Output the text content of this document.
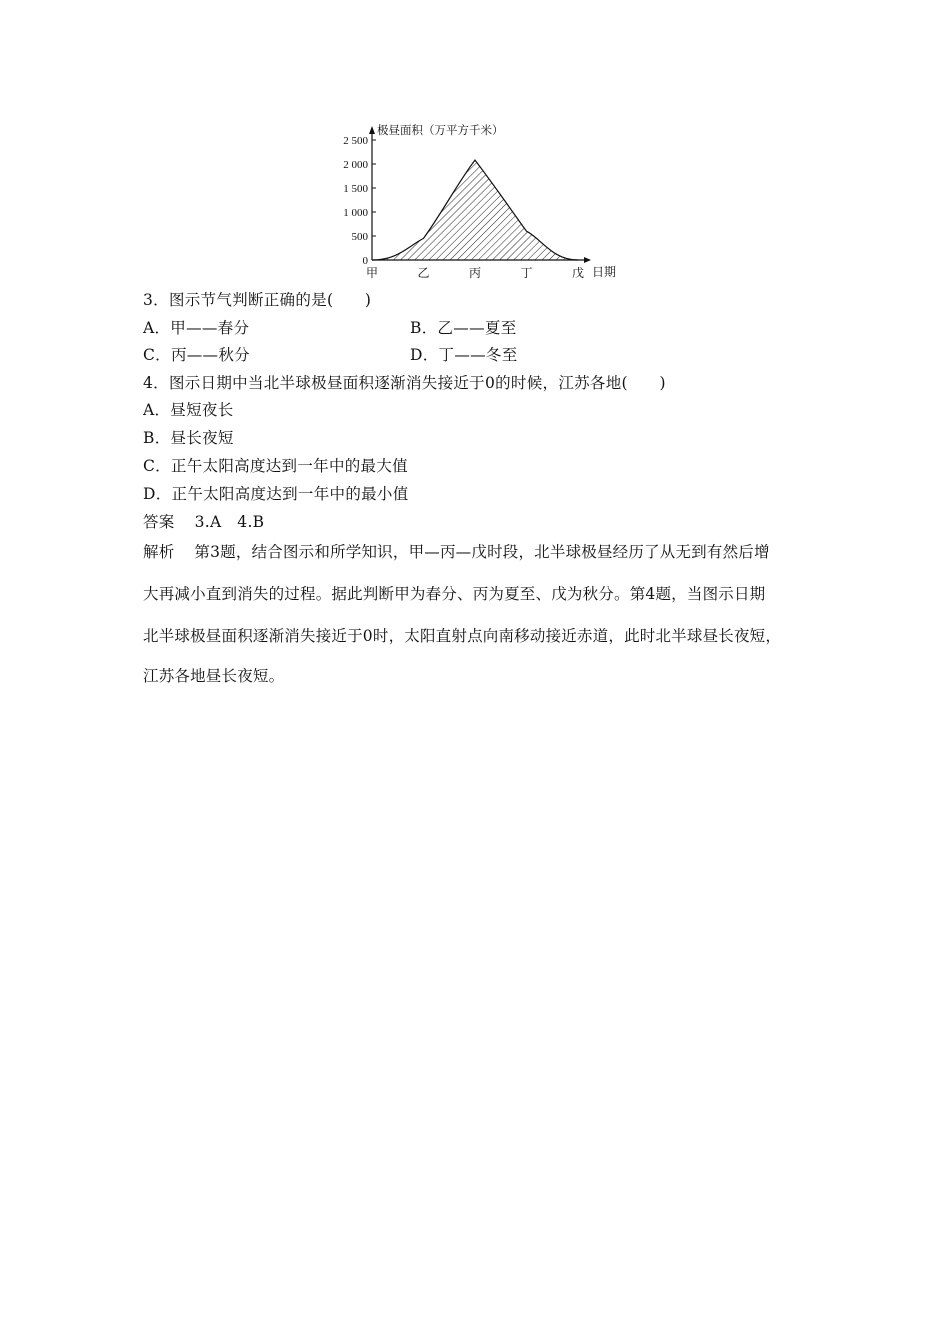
0
500
1 000
1 500
2 000
2 500
极昼面积（万平方千米）
甲	乙	丙	丁	戊 日期
3．图示节气判断正确的是(　　)
A．甲——春分	B．乙——夏至
C．丙——秋分	D．丁——冬至
4．图示日期中当北半球极昼面积逐渐消失接近于0的时候，江苏各地(　　)
A．昼短夜长
B．昼长夜短
C．正午太阳高度达到一年中的最大值
D．正午太阳高度达到一年中的最小值
答案 3.A　4.B
解析 第3题，结合图示和所学知识，甲—丙—戊时段，北半球极昼经历了从无到有然后增
大再减小直到消失的过程。据此判断甲为春分、丙为夏至、戊为秋分。第4题，当图示日期
北半球极昼面积逐渐消失接近于0时，太阳直射点向南移动接近赤道，此时北半球昼长夜短，
江苏各地昼长夜短。
